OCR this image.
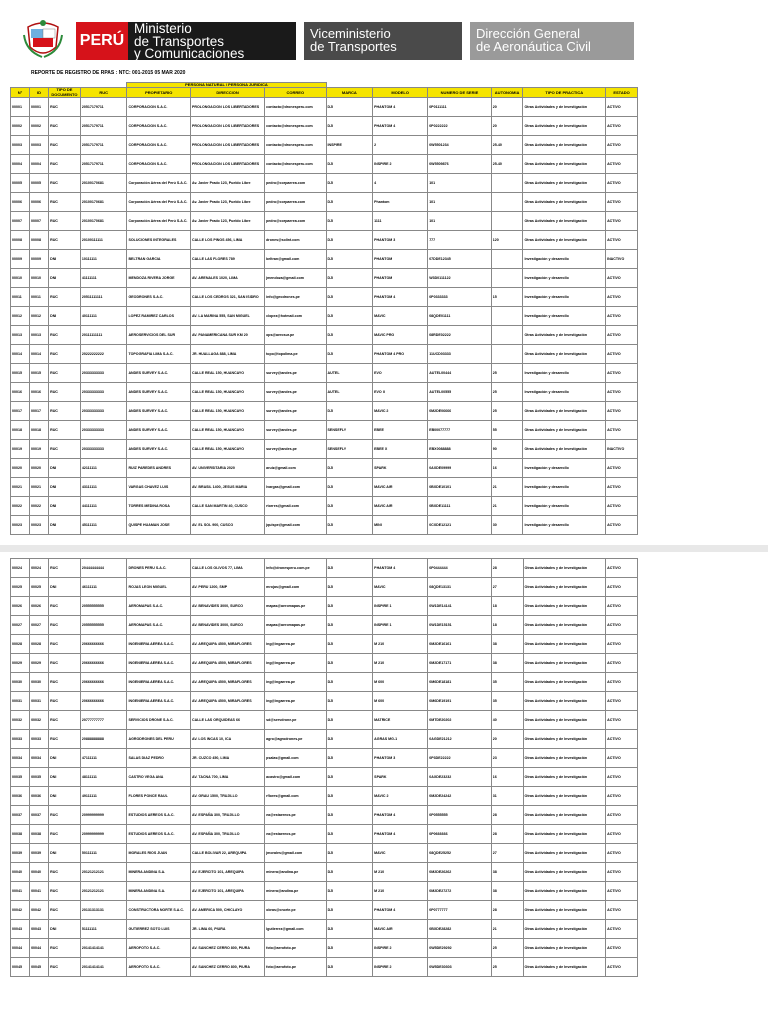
PERÚ
Ministerio
de Transportes
y Comunicaciones
Viceministerio
de Transportes
Dirección General
de Aeronáutica Civil
REPORTE DE REGISTRO DE RPAS : NTC: 001-2015 05 MAR 2020
				PERSONA NATURAL / PERSONA JURIDICA								
N°	ID	TIPO DE DOCUMENTO	RUC	PROPIETARIO	DIRECCION	CORREO	MARCA	MODELO	NUMERO DE SERIE	AUTONOMIA	TIPO DE PRACTICA	ESTADO
00001	00001	RUC	20517179711	CORPORACION S.A.C.	PROLONGACION LOS LIBERTADORES	contacto@dronesperu.com	DJI	PHANTOM 4	0P0111111	20	Otras Actividades y de Investigación	ACTIVO
00002	00002	RUC	20517179711	CORPORACION S.A.C.	PROLONGACION LOS LIBERTADORES	contacto@dronesperu.com	DJI	PHANTOM 4	0P0222222	20	Otras Actividades y de Investigación	ACTIVO
00003	00003	RUC	20517179711	CORPORACION S.A.C.	PROLONGACION LOS LIBERTADORES	contacto@dronesperu.com	INSPIRE	2	0W5501234	25-40	Otras Actividades y de Investigación	ACTIVO
00004	00004	RUC	20517179711	CORPORACION S.A.C.	PROLONGACION LOS LIBERTADORES	contacto@dronesperu.com	DJI	INSPIRE 2	0W5509876	25-40	Otras Actividades y de Investigación	ACTIVO
00005	00005	RUC	20100170681	Corporación Aérea del Perú S.A.C.	Av. Javier Prado 123, Pueblo Libre	pedro@corpaerea.com	DJI	4	101		Otras Actividades y de Investigación	ACTIVO
00006	00006	RUC	20100170681	Corporación Aérea del Perú S.A.C.	Av. Javier Prado 123, Pueblo Libre	pedro@corpaerea.com	DJI	Phantom	101		Otras Actividades y de Investigación	ACTIVO
00007	00007	RUC	20100170681	Corporación Aérea del Perú S.A.C.	Av. Javier Prado 123, Pueblo Libre	pedro@corpaerea.com	DJI	1111	101		Otras Actividades y de Investigación	ACTIVO
00008	00008	RUC	20100111111	SOLUCIONES INTEGRALES	CALLE LOS PINOS 456, LIMA	drones@solint.com	DJI	PHANTOM 3	777	120	Otras Actividades y de Investigación	ACTIVO
00009	00009	DNI	10111111	BELTRAN GARCIA	CALLE LAS FLORES 789	beltran@gmail.com	DJI	PHANTOM	07DDE12345		Investigación y desarrollo	INACTIVO
00010	00010	DNI	41111111	MENDOZA RIVERA JORGE	AV. ARENALES 1020, LIMA	jmendoza@gmail.com	DJI	PHANTOM	W3D0111122		Investigación y desarrollo	ACTIVO
00011	00011	RUC	20511111111	GEODRONES S.A.C.	CALLE LOS CEDROS 321, SAN ISIDRO	info@geodrones.pe	DJI	PHANTOM 4	0P0333333	15	Investigación y desarrollo	ACTIVO
00012	00012	DNI	40111111	LOPEZ RAMIREZ CARLOS	AV. LA MARINA 555, SAN MIGUEL	clopez@hotmail.com	DJI	MAVIC	08QDE01111		Investigación y desarrollo	ACTIVO
00013	00013	RUC	20111111111	AEROSERVICIOS DEL SUR	AV. PANAMERICANA SUR KM 20	ops@aerosur.pe	DJI	MAVIC PRO	08RDE02222		Otras Actividades y de Investigación	ACTIVO
00014	00014	RUC	20222222222	TOPOGRAFIA LIMA S.A.C.	JR. HUALLAGA 888, LIMA	topo@topolima.pe	DJI	PHANTOM 4 PRO	11UCD03333		Otras Actividades y de Investigación	ACTIVO
00015	00015	RUC	20333333333	ANDES SURVEY S.A.C.	CALLE REAL 150, HUANCAYO	survey@andes.pe	AUTEL	EVO	AUTEL00444	25	Investigación y desarrollo	ACTIVO
00016	00016	RUC	20333333333	ANDES SURVEY S.A.C.	CALLE REAL 150, HUANCAYO	survey@andes.pe	AUTEL	EVO II	AUTEL00555	25	Investigación y desarrollo	ACTIVO
00017	00017	RUC	20333333333	ANDES SURVEY S.A.C.	CALLE REAL 150, HUANCAYO	survey@andes.pe	DJI	MAVIC 2	0M2DE06666	25	Otras Actividades y de Investigación	ACTIVO
00018	00018	RUC	20333333333	ANDES SURVEY S.A.C.	CALLE REAL 150, HUANCAYO	survey@andes.pe	SENSEFLY	EBEE	EB00077777	55	Otras Actividades y de Investigación	ACTIVO
00019	00019	RUC	20333333333	ANDES SURVEY S.A.C.	CALLE REAL 150, HUANCAYO	survey@andes.pe	SENSEFLY	EBEE X	EBX0088888	90	Otras Actividades y de Investigación	INACTIVO
00020	00020	DNI	42111111	RUIZ PAREDES ANDRES	AV. UNIVERSITARIA 2020	aruiz@gmail.com	DJI	SPARK	0AXDE09999	16	Investigación y desarrollo	ACTIVO
00021	00021	DNI	43111111	VARGAS CHAVEZ LUIS	AV. BRASIL 1400, JESUS MARIA	lvargas@gmail.com	DJI	MAVIC AIR	0BXDE10101	21	Investigación y desarrollo	ACTIVO
00022	00022	DNI	44111111	TORRES MEDINA ROSA	CALLE SAN MARTIN 40, CUSCO	rtorres@gmail.com	DJI	MAVIC AIR	0BXDE11111	21	Investigación y desarrollo	ACTIVO
00023	00023	DNI	45111111	QUISPE HUAMAN JOSE	AV. EL SOL 900, CUSCO	jquispe@gmail.com	DJI	MINI	0CXDE12121	30	Investigación y desarrollo	ACTIVO
00024	00024	RUC	20444444444	DRONES PERU S.A.C.	CALLE LOS OLIVOS 77, LIMA	info@dronesperu.com.pe	DJI	PHANTOM 4	0P0444444	28	Otras Actividades y de Investigación	ACTIVO
00025	00025	DNI	46111111	ROJAS LEON MIGUEL	AV. PERU 1200, SMP	mrojas@gmail.com	DJI	MAVIC	08QDE13131	27	Otras Actividades y de Investigación	ACTIVO
00026	00026	RUC	20555555555	AEROMAPAS S.A.C.	AV. BENAVIDES 3000, SURCO	mapas@aeromapas.pe	DJI	INSPIRE 1	0W1DE14141	18	Otras Actividades y de Investigación	ACTIVO
00027	00027	RUC	20555555555	AEROMAPAS S.A.C.	AV. BENAVIDES 3000, SURCO	mapas@aeromapas.pe	DJI	INSPIRE 1	0W1DE15151	18	Otras Actividades y de Investigación	ACTIVO
00028	00028	RUC	20666666666	INGENIERIA AEREA S.A.C.	AV. AREQUIPA 4500, MIRAFLORES	ing@ingaerea.pe	DJI	M 210	0M2DE16161	38	Otras Actividades y de Investigación	ACTIVO
00029	00029	RUC	20666666666	INGENIERIA AEREA S.A.C.	AV. AREQUIPA 4500, MIRAFLORES	ing@ingaerea.pe	DJI	M 210	0M2DE17171	38	Otras Actividades y de Investigación	ACTIVO
00030	00030	RUC	20666666666	INGENIERIA AEREA S.A.C.	AV. AREQUIPA 4500, MIRAFLORES	ing@ingaerea.pe	DJI	M 600	0M6DE18181	35	Otras Actividades y de Investigación	ACTIVO
00031	00031	RUC	20666666666	INGENIERIA AEREA S.A.C.	AV. AREQUIPA 4500, MIRAFLORES	ing@ingaerea.pe	DJI	M 600	0M6DE19191	35	Otras Actividades y de Investigación	ACTIVO
00032	00032	RUC	20777777777	SERVICIOS DRONE S.A.C.	CALLE LAS ORQUIDEAS 66	sd@servdrone.pe	DJI	MATRICE	0MTDE20202	40	Otras Actividades y de Investigación	ACTIVO
00033	00033	RUC	20888888888	AGRODRONES DEL PERU	AV. LOS INCAS 10, ICA	agro@agrodrones.pe	DJI	AGRAS MG-1	0AGDE21212	20	Otras Actividades y de Investigación	ACTIVO
00034	00034	DNI	47111111	SALAS DIAZ PEDRO	JR. CUZCO 450, LIMA	psalas@gmail.com	DJI	PHANTOM 3	0P3DE22222	23	Otras Actividades y de Investigación	ACTIVO
00035	00035	DNI	48111111	CASTRO VEGA ANA	AV. TACNA 700, LIMA	acastro@gmail.com	DJI	SPARK	0AXDE23232	16	Otras Actividades y de Investigación	ACTIVO
00036	00036	DNI	49111111	FLORES PONCE RAUL	AV. GRAU 1500, TRUJILLO	rflores@gmail.com	DJI	MAVIC 2	0M2DE24242	31	Otras Actividades y de Investigación	ACTIVO
00037	00037	RUC	20999999999	ESTUDIOS AEREOS S.A.C.	AV. ESPAÑA 300, TRUJILLO	ea@estaereos.pe	DJI	PHANTOM 4	0P0555555	28	Otras Actividades y de Investigación	ACTIVO
00038	00038	RUC	20999999999	ESTUDIOS AEREOS S.A.C.	AV. ESPAÑA 300, TRUJILLO	ea@estaereos.pe	DJI	PHANTOM 4	0P0666666	28	Otras Actividades y de Investigación	ACTIVO
00039	00039	DNI	50111111	MORALES RIOS JUAN	CALLE BOLIVAR 22, AREQUIPA	jmorales@gmail.com	DJI	MAVIC	08QDE25252	27	Otras Actividades y de Investigación	ACTIVO
00040	00040	RUC	20121212121	MINERA ANDINA S.A.	AV. EJERCITO 101, AREQUIPA	minera@andina.pe	DJI	M 210	0M2DE26262	38	Otras Actividades y de Investigación	ACTIVO
00041	00041	RUC	20121212121	MINERA ANDINA S.A.	AV. EJERCITO 101, AREQUIPA	minera@andina.pe	DJI	M 210	0M2DE27272	38	Otras Actividades y de Investigación	ACTIVO
00042	00042	RUC	20131313131	CONSTRUCTORA NORTE S.A.C.	AV. AMERICA 500, CHICLAYO	obras@cnorte.pe	DJI	PHANTOM 4	0P0777777	28	Otras Actividades y de Investigación	ACTIVO
00043	00043	DNI	51111111	GUTIERREZ SOTO LUIS	JR. LIMA 60, PIURA	lgutierrez@gmail.com	DJI	MAVIC AIR	0BXDE28282	21	Otras Actividades y de Investigación	ACTIVO
00044	00044	RUC	20141414141	AEROFOTO S.A.C.	AV. SANCHEZ CERRO 800, PIURA	foto@aerofoto.pe	DJI	INSPIRE 2	0W5DE29292	25	Otras Actividades y de Investigación	ACTIVO
00045	00045	RUC	20141414141	AEROFOTO S.A.C.	AV. SANCHEZ CERRO 800, PIURA	foto@aerofoto.pe	DJI	INSPIRE 2	0W5DE30303	25	Otras Actividades y de Investigación	ACTIVO
